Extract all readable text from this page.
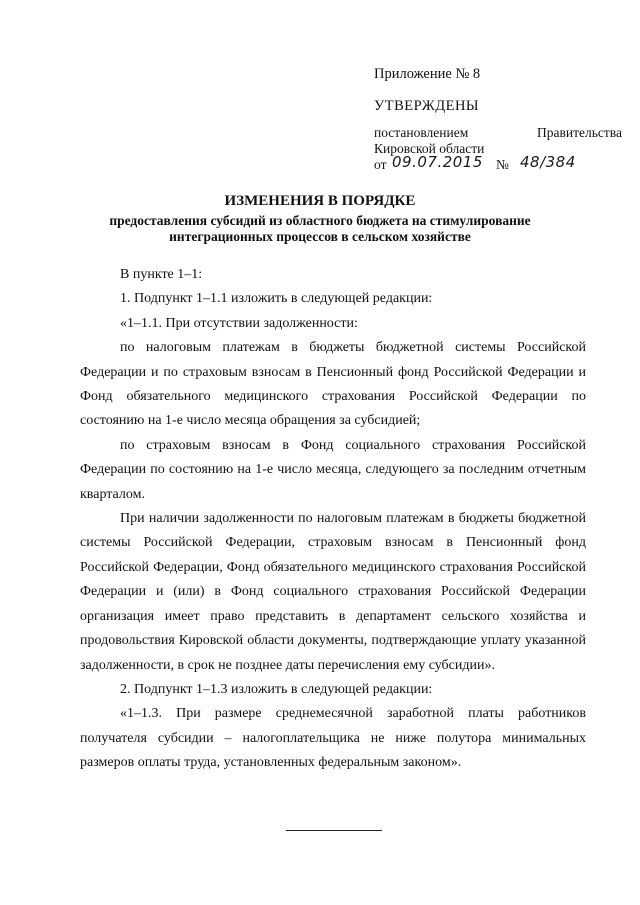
Приложение № 8
УТВЕРЖДЕНЫ
постановлением	Правительства
Кировской области
от 09.07.2015 № 48/384
ИЗМЕНЕНИЯ В ПОРЯДКЕ
предоставления субсидий из областного бюджета на стимулирование
интеграционных процессов в сельском хозяйстве

В пункте 1–1:

1. Подпункт 1–1.1 изложить в следующей редакции:

«1–1.1. При отсутствии задолженности:

по налоговым платежам в бюджеты бюджетной системы Российской Федерации и по страховым взносам в Пенсионный фонд Российской Федерации и Фонд обязательного медицинского страхования Российской Федерации по состоянию на 1-е число месяца обращения за субсидией;

по страховым взносам в Фонд социального страхования Российской Федерации по состоянию на 1-е число месяца, следующего за последним отчетным кварталом.

При наличии задолженности по налоговым платежам в бюджеты бюджетной системы Российской Федерации, страховым взносам в Пенсионный фонд Российской Федерации, Фонд обязательного медицинского страхования Российской Федерации и (или) в Фонд социального страхования Российской Федерации организация имеет право представить в департамент сельского хозяйства и продовольствия Кировской области документы, подтверждающие уплату указанной задолженности, в срок не позднее даты перечисления ему субсидии».

2. Подпункт 1–1.3 изложить в следующей редакции:

«1–1.3. При размере среднемесячной заработной платы работников получателя субсидии – налогоплательщика не ниже полутора минимальных размеров оплаты труда, установленных федеральным законом».
